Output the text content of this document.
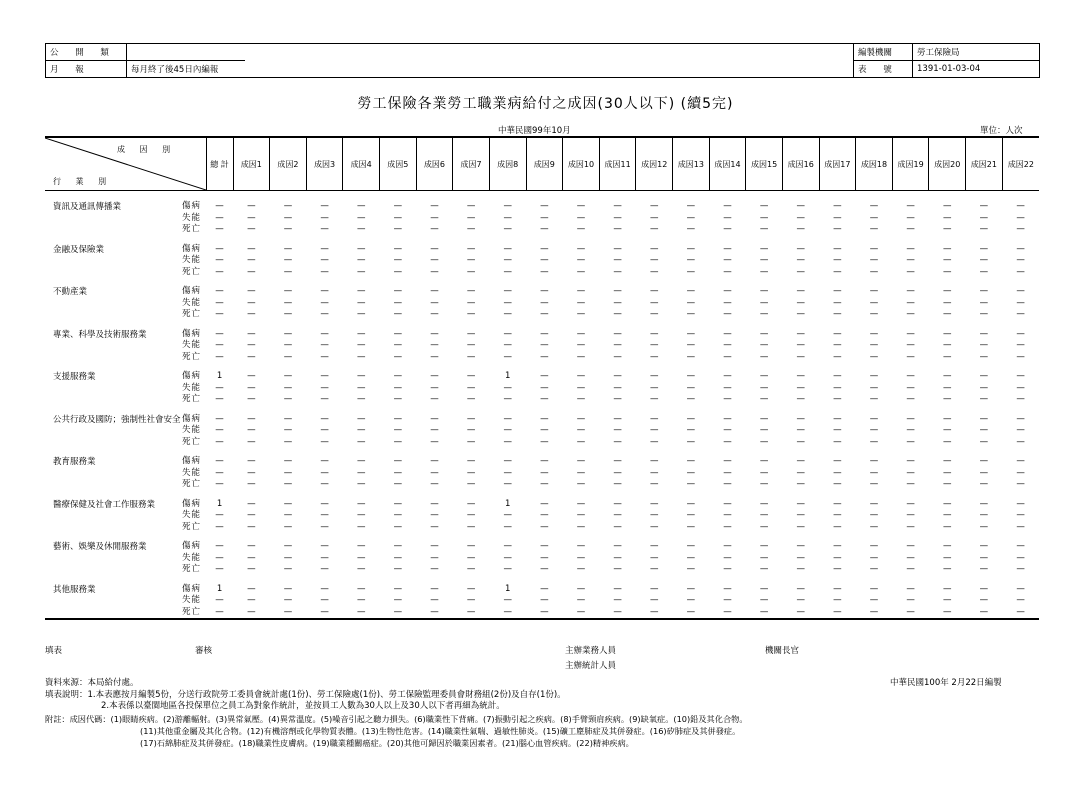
公 開 類	
月 報	每月終了後45日內編報
編製機關	勞工保險局
表 號	1391-01-03-04
勞工保險各業勞工職業病給付之成因(30人以下) (續5完)
中華民國99年10月	單位：人次
成 因 別
行 業 別		總 計	成因1	成因2	成因3	成因4	成因5	成因6	成因7	成因8	成因9	成因10	成因11	成因12	成因13	成因14	成因15	成因16	成因17	成因18	成因19	成因20	成因21	成因22
資訊及通訊傳播業	傷病	—	—	—	—	—	—	—	—	—	—	—	—	—	—	—	—	—	—	—	—	—	—	—
	失能	—	—	—	—	—	—	—	—	—	—	—	—	—	—	—	—	—	—	—	—	—	—	—
	死亡	—	—	—	—	—	—	—	—	—	—	—	—	—	—	—	—	—	—	—	—	—	—	—
金融及保險業	傷病	—	—	—	—	—	—	—	—	—	—	—	—	—	—	—	—	—	—	—	—	—	—	—
	失能	—	—	—	—	—	—	—	—	—	—	—	—	—	—	—	—	—	—	—	—	—	—	—
	死亡	—	—	—	—	—	—	—	—	—	—	—	—	—	—	—	—	—	—	—	—	—	—	—
不動產業	傷病	—	—	—	—	—	—	—	—	—	—	—	—	—	—	—	—	—	—	—	—	—	—	—
	失能	—	—	—	—	—	—	—	—	—	—	—	—	—	—	—	—	—	—	—	—	—	—	—
	死亡	—	—	—	—	—	—	—	—	—	—	—	—	—	—	—	—	—	—	—	—	—	—	—
專業、科學及技術服務業	傷病	—	—	—	—	—	—	—	—	—	—	—	—	—	—	—	—	—	—	—	—	—	—	—
	失能	—	—	—	—	—	—	—	—	—	—	—	—	—	—	—	—	—	—	—	—	—	—	—
	死亡	—	—	—	—	—	—	—	—	—	—	—	—	—	—	—	—	—	—	—	—	—	—	—
支援服務業	傷病	1	—	—	—	—	—	—	—	1	—	—	—	—	—	—	—	—	—	—	—	—	—	—
	失能	—	—	—	—	—	—	—	—	—	—	—	—	—	—	—	—	—	—	—	—	—	—	—
	死亡	—	—	—	—	—	—	—	—	—	—	—	—	—	—	—	—	—	—	—	—	—	—	—
公共行政及國防；強制性社會安全	傷病	—	—	—	—	—	—	—	—	—	—	—	—	—	—	—	—	—	—	—	—	—	—	—
	失能	—	—	—	—	—	—	—	—	—	—	—	—	—	—	—	—	—	—	—	—	—	—	—
	死亡	—	—	—	—	—	—	—	—	—	—	—	—	—	—	—	—	—	—	—	—	—	—	—
教育服務業	傷病	—	—	—	—	—	—	—	—	—	—	—	—	—	—	—	—	—	—	—	—	—	—	—
	失能	—	—	—	—	—	—	—	—	—	—	—	—	—	—	—	—	—	—	—	—	—	—	—
	死亡	—	—	—	—	—	—	—	—	—	—	—	—	—	—	—	—	—	—	—	—	—	—	—
醫療保健及社會工作服務業	傷病	1	—	—	—	—	—	—	—	1	—	—	—	—	—	—	—	—	—	—	—	—	—	—
	失能	—	—	—	—	—	—	—	—	—	—	—	—	—	—	—	—	—	—	—	—	—	—	—
	死亡	—	—	—	—	—	—	—	—	—	—	—	—	—	—	—	—	—	—	—	—	—	—	—
藝術、娛樂及休閒服務業	傷病	—	—	—	—	—	—	—	—	—	—	—	—	—	—	—	—	—	—	—	—	—	—	—
	失能	—	—	—	—	—	—	—	—	—	—	—	—	—	—	—	—	—	—	—	—	—	—	—
	死亡	—	—	—	—	—	—	—	—	—	—	—	—	—	—	—	—	—	—	—	—	—	—	—
其他服務業	傷病	1	—	—	—	—	—	—	—	1	—	—	—	—	—	—	—	—	—	—	—	—	—	—
	失能	—	—	—	—	—	—	—	—	—	—	—	—	—	—	—	—	—	—	—	—	—	—	—
	死亡	—	—	—	—	—	—	—	—	—	—	—	—	—	—	—	—	—	—	—	—	—	—	—
填表	審核	主辦業務人員
主辦統計人員
機關長官
資料來源：本局給付處。	中華民國100年 2月22日編製
填表說明：1.本表應按月編製5份，分送行政院勞工委員會統計處(1份)、勞工保險處(1份)、勞工保險監理委員會財務組(2份)及自存(1份)。
2.本表係以臺閩地區各投保單位之員工為對象作統計，並按員工人數為30人以上及30人以下者再細為統計。
附註：成因代碼：(1)眼睛疾病。(2)游離輻射。(3)異常氣壓。(4)異常溫度。(5)噪音引起之聽力損失。(6)職業性下背痛。(7)振動引起之疾病。(8)手臂頸肩疾病。(9)缺氧症。(10)鉛及其化合物。
(11)其他重金屬及其化合物。(12)有機溶劑或化學物質表體。(13)生物性危害。(14)職業性氣喘、過敏性肺炎。(15)礦工塵肺症及其併發症。(16)矽肺症及其併發症。
(17)石綿肺症及其併發症。(18)職業性皮膚病。(19)職業種關癌症。(20)其他可歸因於職業因素者。(21)腦心血管疾病。(22)精神疾病。
